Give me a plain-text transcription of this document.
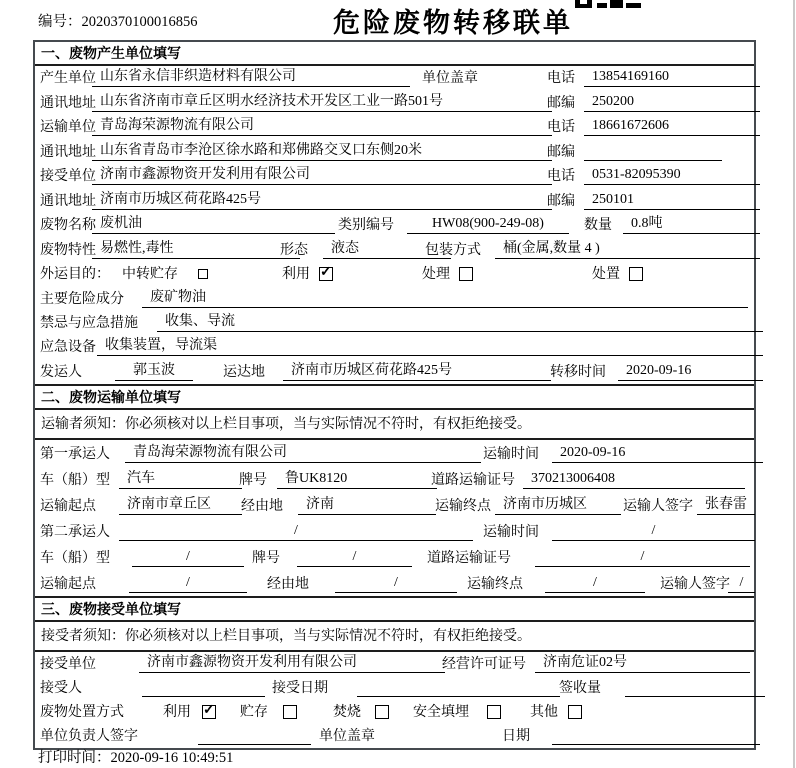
编号：2020370100016856	危险废物转移联单
一、废物产生单位填写
产生单位 山东省永信非织造材料有限公司	单位盖章	电话	13854169160
通讯地址 山东省济南市章丘区明水经济技术开发区工业一路501号	邮编	250200
运输单位 青岛海荣源物流有限公司	电话	18661672606
通讯地址 山东省青岛市李沧区徐水路和郑佛路交叉口东侧20米	邮编
接受单位 济南市鑫源物资开发利用有限公司	电话	0531-82095390
通讯地址 济南市历城区荷花路425号	邮编	250101
废物名称 废机油	类别编号	HW08(900-249-08)	数量	0.8吨
废物特性 易燃性,毒性	形态	液态	包装方式	桶(金属,数量 4 )
外运目的： 中转贮存	利用 ✓	处理	处置
主要危险成分	废矿物油
禁忌与应急措施	收集、导流
应急设备 收集装置，导流渠
发运人	郭玉波	运达地	济南市历城区荷花路425号	转移时间	2020-09-16
二、废物运输单位填写
运输者须知：你必须核对以上栏目事项，当与实际情况不符时，有权拒绝接受。
第一承运人	青岛海荣源物流有限公司	运输时间	2020-09-16
车（船）型	汽车	牌号	鲁UK8120	道路运输证号	370213006408
运输起点	济南市章丘区	经由地	济南	运输终点 济南市历城区	运输人签字 张春雷
第二承运人	/	运输时间	/
车（船）型	/	牌号	/	道路运输证号	/
运输起点	/	经由地	/	运输终点	/	运输人签字 /
三、废物接受单位填写
接受者须知：你必须核对以上栏目事项，当与实际情况不符时，有权拒绝接受。
接受单位	济南市鑫源物资开发利用有限公司	经营许可证号	济南危证02号
接受人	接受日期	签收量
废物处置方式	利用 ✓	贮存	焚烧	安全填埋	其他
单位负责人签字	单位盖章	日期
打印时间：2020-09-16 10:49:51
